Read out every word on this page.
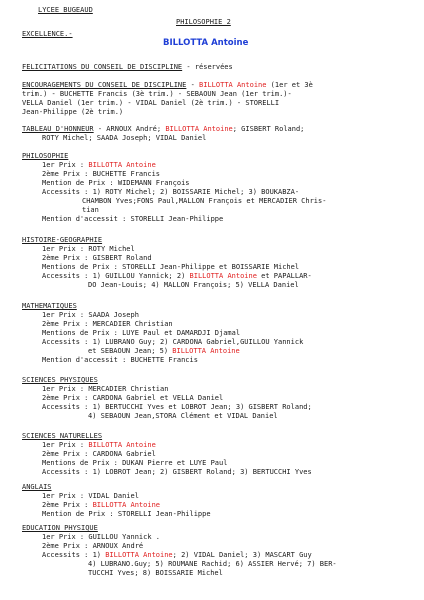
LYCEE BUGEAUD
PHILOSOPHIE 2
EXCELLENCE.-
BILLOTTA Antoine
FELICITATIONS DU CONSEIL DE DISCIPLINE - réservées
ENCOURAGEMENTS DU CONSEIL DE DISCIPLINE - BILLOTTA Antoine (1er et 3è
trim.) - BUCHETTE Francis (3è trim.) - SEBAOUN Jean (1er trim.)-
VELLA Daniel (1er trim.) - VIDAL Daniel (2è trim.) - STORELLI
Jean-Philippe (2è trim.)
TABLEAU D'HONNEUR - ARNOUX André; BILLOTTA Antoine; GISBERT Roland;
ROTY Michel; SAADA Joseph; VIDAL Daniel
PHILOSOPHIE
1er Prix : BILLOTTA Antoine
2ème Prix : BUCHETTE Francis
Mention de Prix : WIDEMANN François
Accessits : 1) ROTY Michel; 2) BOISSARIE Michel; 3) BOUKABZA-
CHAMBON Yves;FONS Paul,MALLON François et MERCADIER Chris-
tian
Mention d'accessit : STORELLI Jean-Philippe
HISTOIRE-GEOGRAPHIE
1er Prix : ROTY Michel
2ème Prix : GISBERT Roland
Mentions de Prix : STORELLI Jean-Philippe et BOISSARIE Michel
Accessits : 1) GUILLOU Yannick; 2) BILLOTTA Antoine et PAPALLAR-
DO Jean-Louis; 4) MALLON François; 5) VELLA Daniel
MATHEMATIQUES
1er Prix : SAADA Joseph
2ème Prix : MERCADIER Christian
Mentions de Prix : LUYE Paul et DAMARDJI Djamal
Accessits : 1) LUBRANO Guy; 2) CARDONA Gabriel,GUILLOU Yannick
et SEBAOUN Jean; 5) BILLOTTA Antoine
Mention d'accessit : BUCHETTE Francis
SCIENCES PHYSIQUES
1er Prix : MERCADIER Christian
2ème Prix : CARDONA Gabriel et VELLA Daniel
Accessits : 1) BERTUCCHI Yves et LOBROT Jean; 3) GISBERT Roland;
4) SEBAOUN Jean,STORA Clément et VIDAL Daniel
SCIENCES NATURELLES
1er Prix : BILLOTTA Antoine
2ème Prix : CARDONA Gabriel
Mentions de Prix : DUKAN Pierre et LUYE Paul
Accessits : 1) LOBROT Jean; 2) GISBERT Roland; 3) BERTUCCHI Yves
ANGLAIS
1er Prix : VIDAL Daniel
2ème Prix : BILLOTTA Antoine
Mention de Prix : STORELLI Jean-Philippe
EDUCATION PHYSIQUE
1er Prix : GUILLOU Yannick .
2ème Prix : ARNOUX André
Accessits : 1) BILLOTTA Antoine; 2) VIDAL Daniel; 3) MASCART Guy
4) LUBRANO.Guy; 5) ROUMANE Rachid; 6) ASSIER Hervé; 7) BER-
TUCCHI Yves; 8) BOISSARIE Michel
